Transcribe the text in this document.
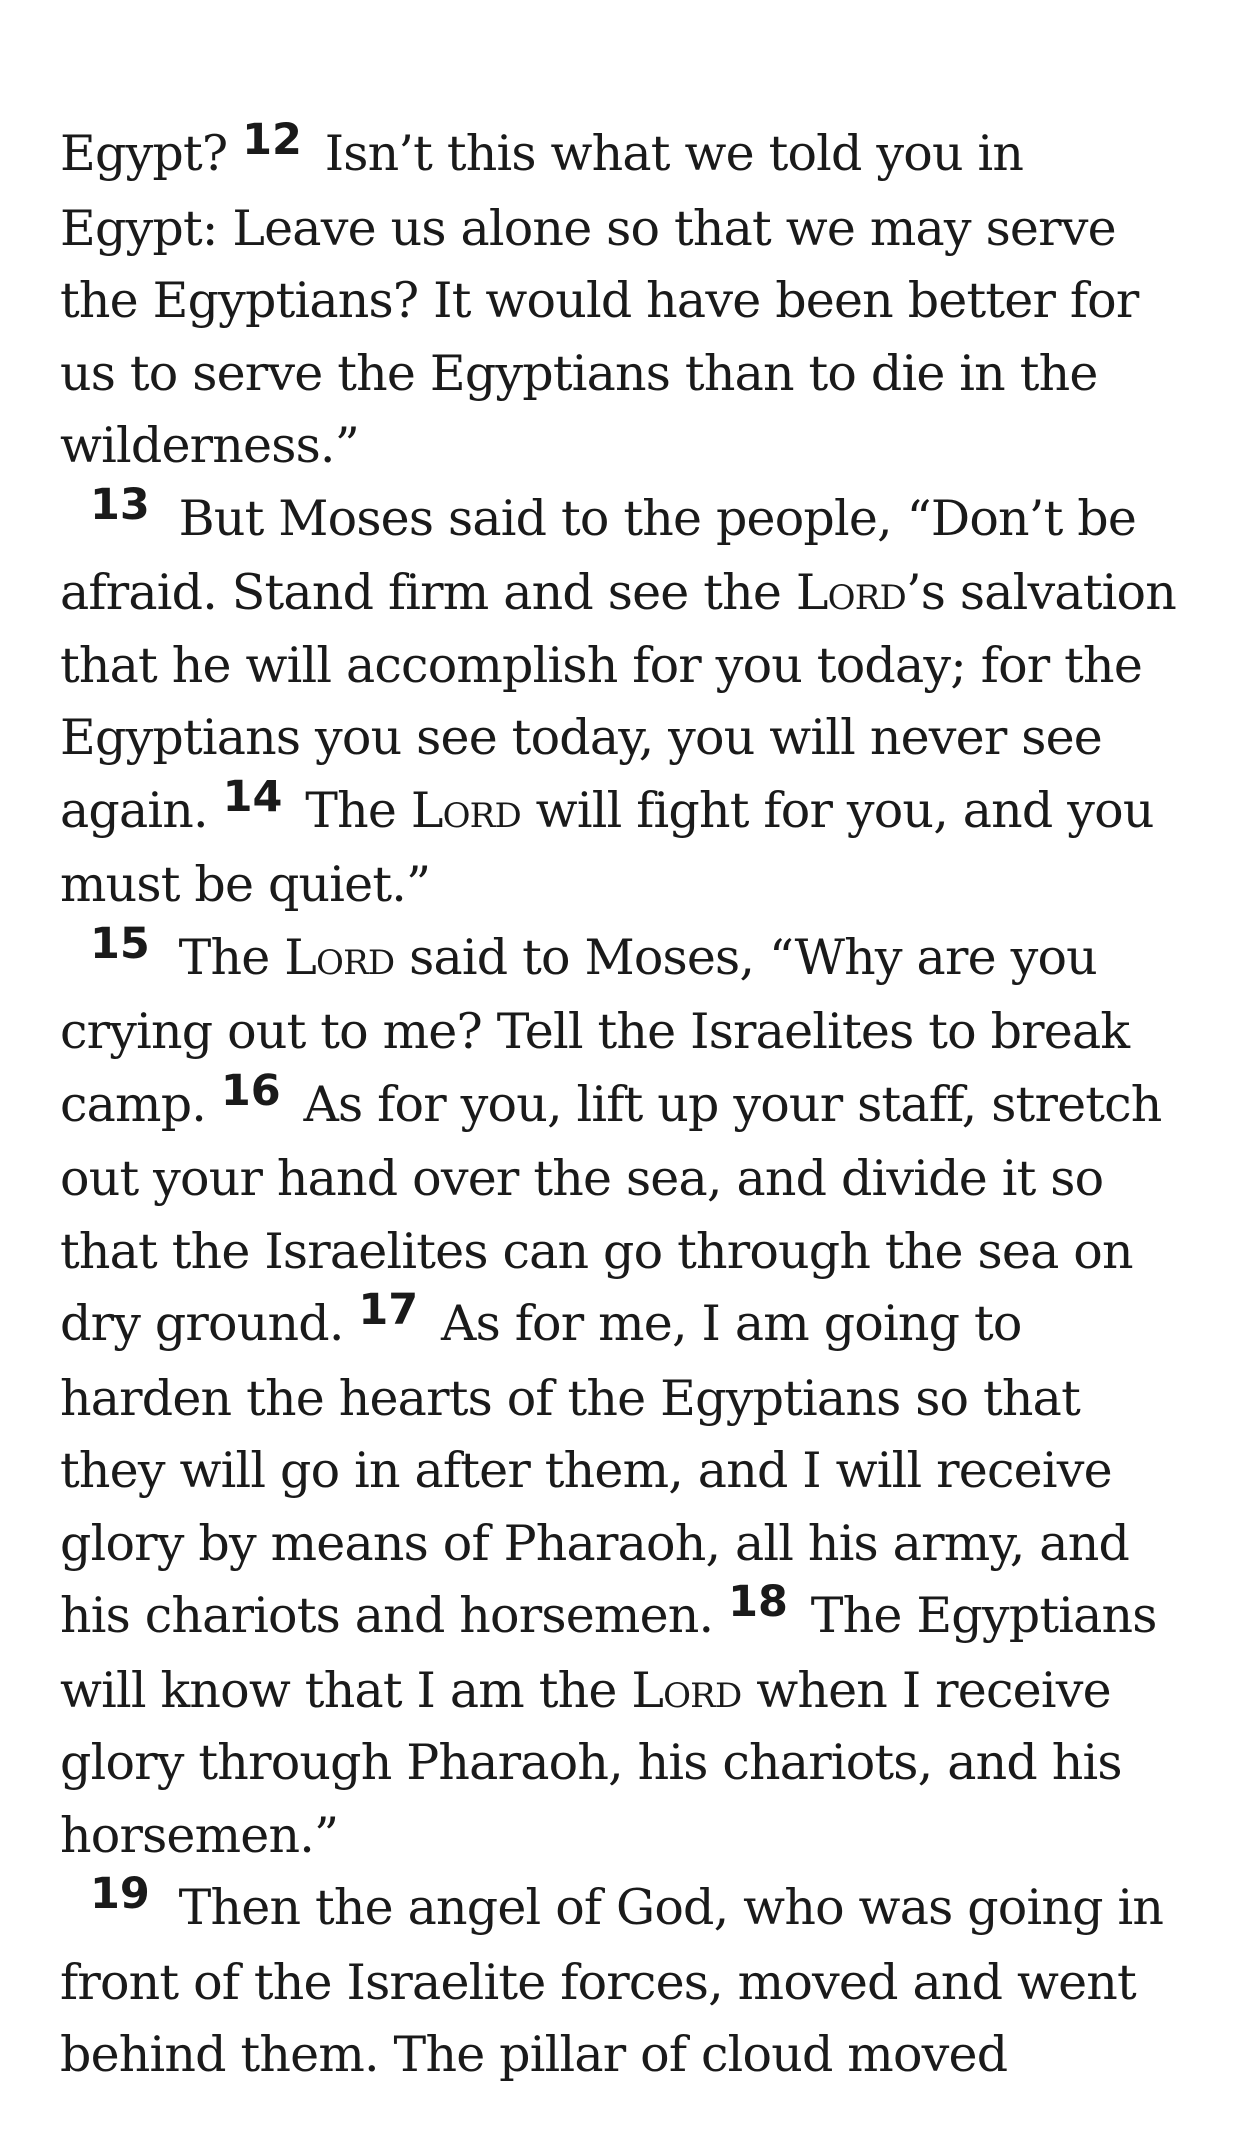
Egypt? 12 Isn’t this what we told you in Egypt: Leave us alone so that we may serve the Egyptians? It would have been better for us to serve the Egyptians than to die in the wilderness.”

13 But Moses said to the people, “Don’t be afraid. Stand firm and see the Lord’s salvation that he will accomplish for you today; for the Egyptians you see today, you will never see again. 14 The Lord will fight for you, and you must be quiet.”

15 The Lord said to Moses, “Why are you crying out to me? Tell the Israelites to break camp. 16 As for you, lift up your staff, stretch out your hand over the sea, and divide it so that the Israelites can go through the sea on dry ground. 17 As for me, I am going to harden the hearts of the Egyptians so that they will go in after them, and I will receive glory by means of Pharaoh, all his army, and his chariots and horsemen. 18 The Egyptians will know that I am the Lord when I receive glory through Pharaoh, his chariots, and his horsemen.”

19 Then the angel of God, who was going in front of the Israelite forces, moved and went behind them. The pillar of cloud moved
